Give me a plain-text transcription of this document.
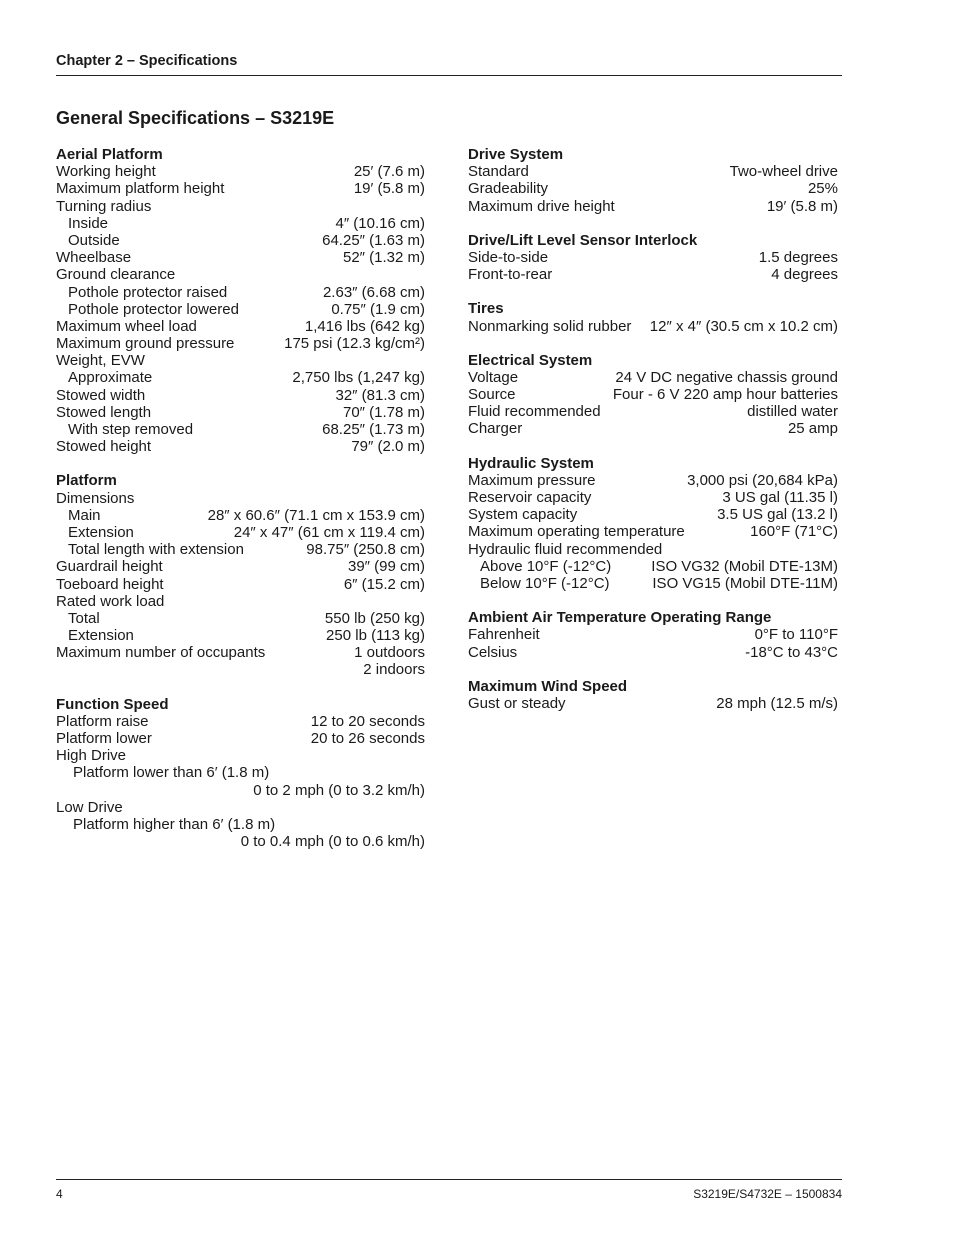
Chapter 2 – Specifications
General Specifications – S3219E
Aerial Platform
Working height	25′ (7.6 m)
Maximum platform height	19′ (5.8 m)
Turning radius
Inside	4″ (10.16 cm)
Outside	64.25″ (1.63 m)
Wheelbase	52″ (1.32 m)
Ground clearance
Pothole protector raised	2.63″ (6.68 cm)
Pothole protector lowered	0.75″ (1.9 cm)
Maximum wheel load	1,416 lbs (642 kg)
Maximum ground pressure	175 psi (12.3 kg/cm²)
Weight, EVW
Approximate	2,750 lbs (1,247 kg)
Stowed width	32″ (81.3 cm)
Stowed length	70″ (1.78 m)
With step removed	68.25″ (1.73 m)
Stowed height	79″ (2.0 m)
Platform
Dimensions
Main	28″ x 60.6″ (71.1 cm x 153.9 cm)
Extension	24″ x 47″ (61 cm x 119.4 cm)
Total length with extension	98.75″ (250.8 cm)
Guardrail height	39″ (99 cm)
Toeboard height	6″ (15.2 cm)
Rated work load
Total	550 lb (250 kg)
Extension	250 lb (113 kg)
Maximum number of occupants	1 outdoors
2 indoors
Function Speed
Platform raise	12 to 20 seconds
Platform lower	20 to 26 seconds
High Drive
Platform lower than 6′ (1.8 m)
0 to 2 mph (0 to 3.2 km/h)
Low Drive
Platform higher than 6′ (1.8 m)
0 to 0.4 mph (0 to 0.6 km/h)
Drive System
Standard	Two-wheel drive
Gradeability	25%
Maximum drive height	19′ (5.8 m)
Drive/Lift Level Sensor Interlock
Side-to-side	1.5 degrees
Front-to-rear	4 degrees
Tires
Nonmarking solid rubber 12″ x 4″ (30.5 cm x 10.2 cm)
Electrical System
Voltage	24 V DC negative chassis ground
Source	Four - 6 V 220 amp hour batteries
Fluid recommended	distilled water
Charger	25 amp
Hydraulic System
Maximum pressure	3,000 psi (20,684 kPa)
Reservoir capacity	3 US gal (11.35 l)
System capacity	3.5 US gal (13.2 l)
Maximum operating temperature	160°F (71°C)
Hydraulic fluid recommended
Above 10°F (-12°C)	ISO VG32 (Mobil DTE-13M)
Below 10°F (-12°C)	ISO VG15 (Mobil DTE-11M)
Ambient Air Temperature Operating Range
Fahrenheit	0°F to 110°F
Celsius	-18°C to 43°C
Maximum Wind Speed
Gust or steady	28 mph (12.5 m/s)
4	S3219E/S4732E – 1500834
